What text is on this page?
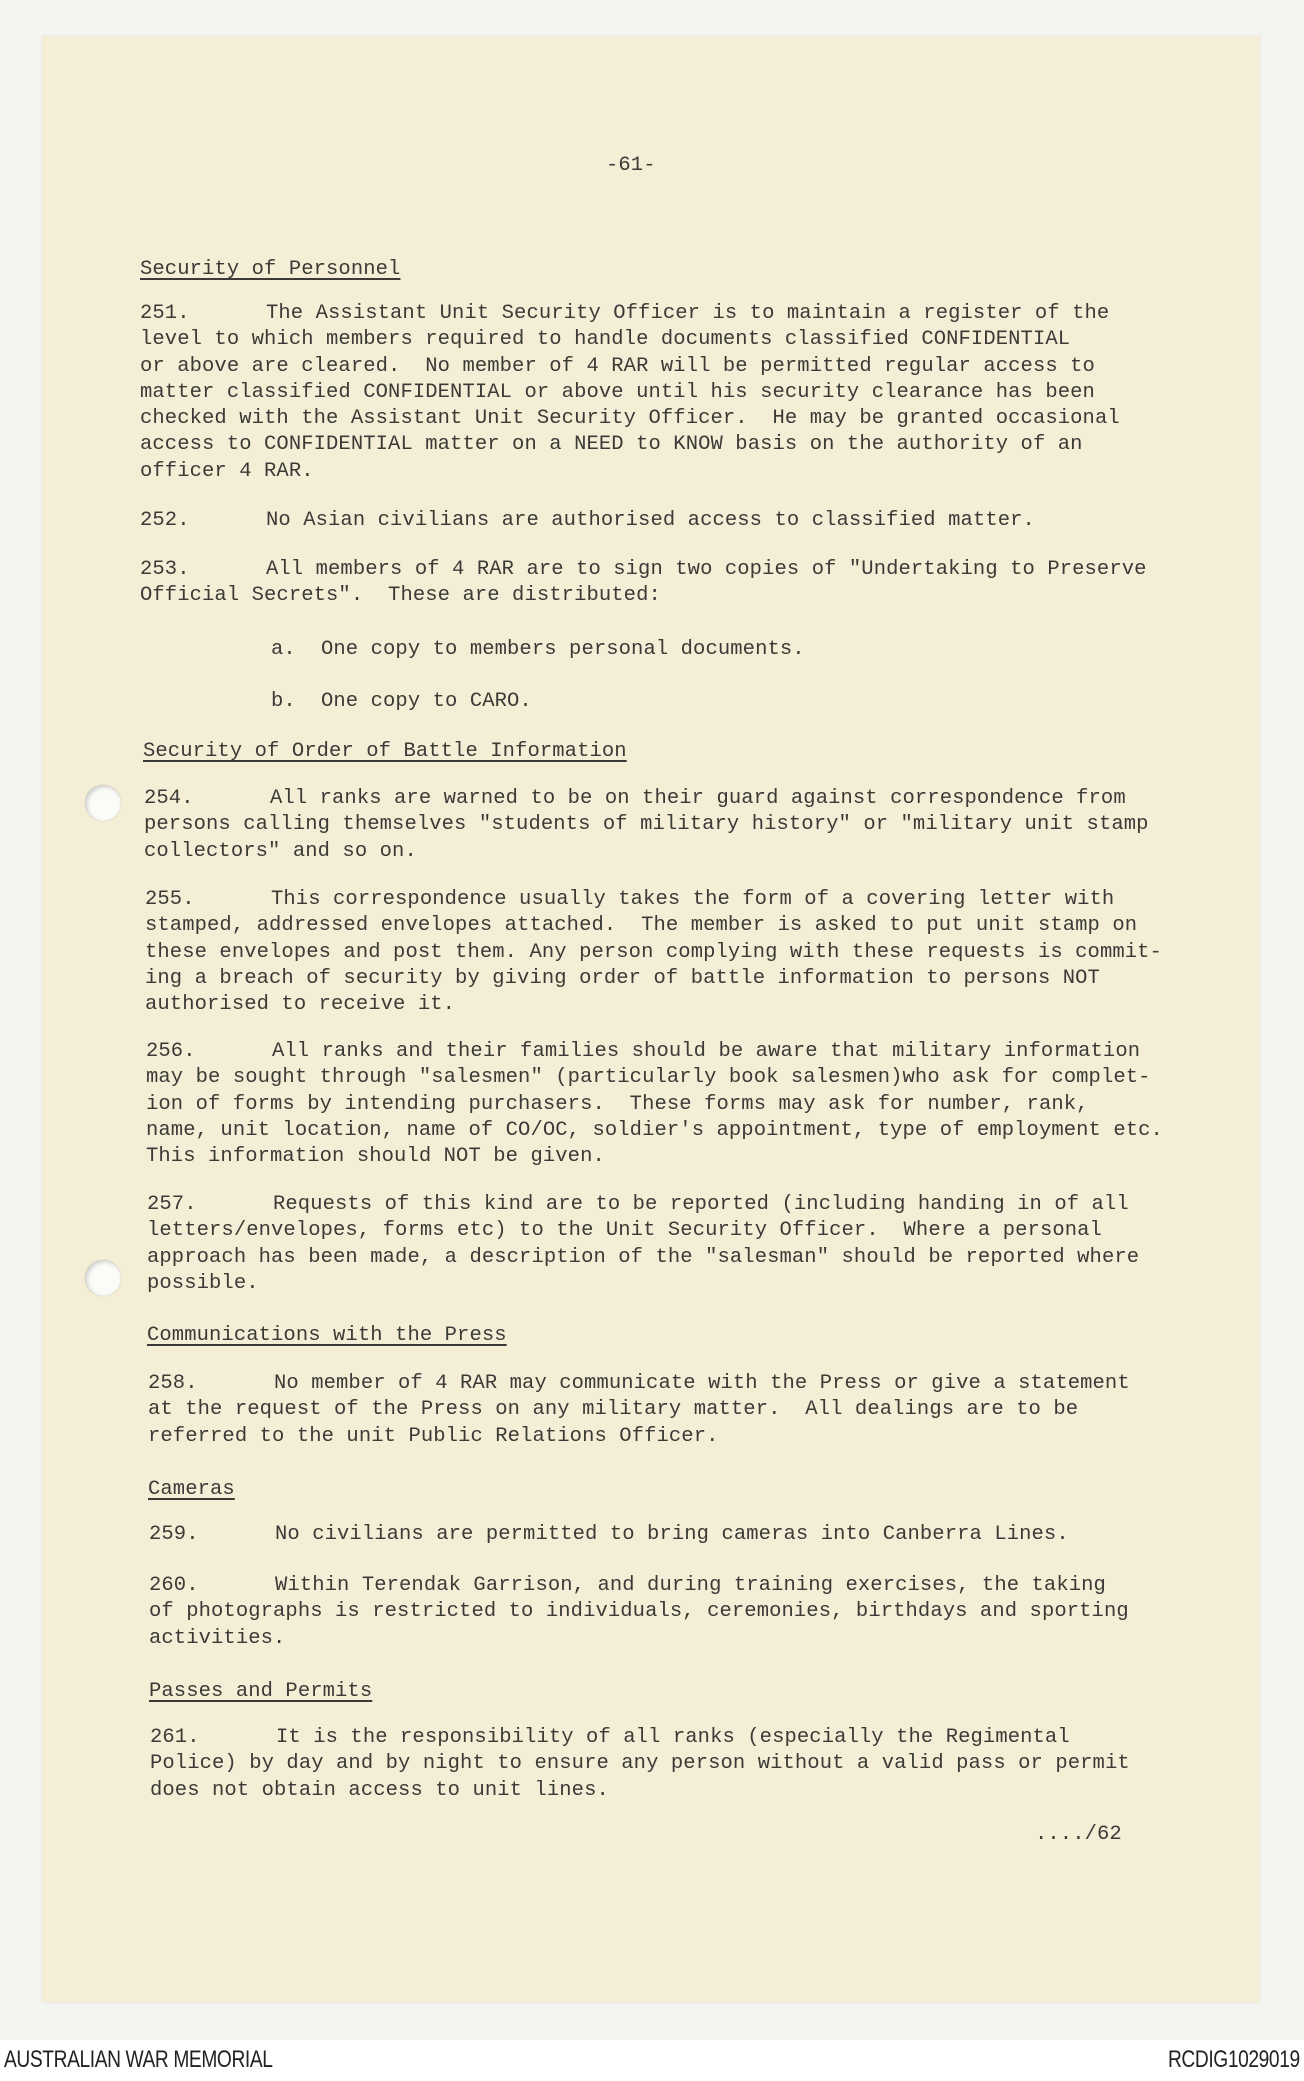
-61-
Security of Personnel
251.	The Assistant Unit Security Officer is to maintain a register of the
level to which members required to handle documents classified CONFIDENTIAL
or above are cleared.  No member of 4 RAR will be permitted regular access to
matter classified CONFIDENTIAL or above until his security clearance has been
checked with the Assistant Unit Security Officer.  He may be granted occasional
access to CONFIDENTIAL matter on a NEED to KNOW basis on the authority of an
officer 4 RAR.
252.	No Asian civilians are authorised access to classified matter.
253.	All members of 4 RAR are to sign two copies of "Undertaking to Preserve
Official Secrets".  These are distributed:
a. One copy to members personal documents.
b. One copy to CARO.
Security of Order of Battle Information
254.	All ranks are warned to be on their guard against correspondence from
persons calling themselves "students of military history" or "military unit stamp
collectors" and so on.
255.	This correspondence usually takes the form of a covering letter with
stamped, addressed envelopes attached.  The member is asked to put unit stamp on
these envelopes and post them. Any person complying with these requests is commit-
ing a breach of security by giving order of battle information to persons NOT
authorised to receive it.
256.	All ranks and their families should be aware that military information
may be sought through "salesmen" (particularly book salesmen)who ask for complet-
ion of forms by intending purchasers.  These forms may ask for number, rank,
name, unit location, name of CO/OC, soldier's appointment, type of employment etc.
This information should NOT be given.
257.	Requests of this kind are to be reported (including handing in of all
letters/envelopes, forms etc) to the Unit Security Officer.  Where a personal
approach has been made, a description of the "salesman" should be reported where
possible.
Communications with the Press
258.	No member of 4 RAR may communicate with the Press or give a statement
at the request of the Press on any military matter.  All dealings are to be
referred to the unit Public Relations Officer.
Cameras
259.	No civilians are permitted to bring cameras into Canberra Lines.
260.	Within Terendak Garrison, and during training exercises, the taking
of photographs is restricted to individuals, ceremonies, birthdays and sporting
activities.
Passes and Permits
261.	It is the responsibility of all ranks (especially the Regimental
Police) by day and by night to ensure any person without a valid pass or permit
does not obtain access to unit lines.
..../62
AUSTRALIAN WAR MEMORIAL	RCDIG1029019
